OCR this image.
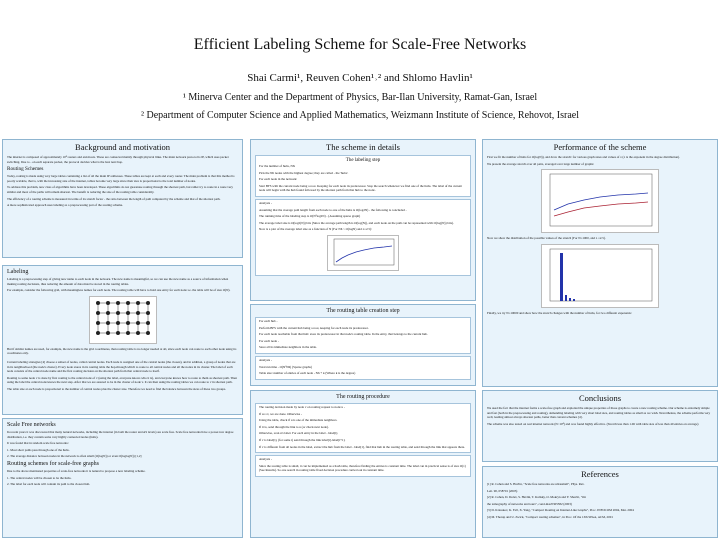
Efficient Labeling Scheme for Scale-Free Networks
Shai Carmi¹, Reuven Cohen¹˒² and Shlomo Havlin¹
¹ Minerva Center and the Department of Physics, Bar-Ilan University, Ramat-Gan, Israel
² Department of Computer Science and Applied Mathematics, Weizmann Institute of Science, Rehovot, Israel
Background and motivation
The internet is composed of approximately 10⁸ routers and end-hosts. These are connected mainly through physical links. The main network protocol is IP, which uses packet switching. Due to - on each separate packet, the protocol decides what is the best next hop.
Routing Schemes
Today, routing is made using very large tables containing a list of all the main IP addresses. These tables are kept at each and every router. The main problem is that this method is poorly scalable, that is, with the increasing size of the internet, tables become very large since their size is proportional to the total number of nodes.
To address this problem, new class of algorithms have been developed. These algorithms do not guarantee routing through the shortest path, but rather try to route in a route very similar and most of the paths will remain shortest. The benefit is reducing the size of the routing table considerably.
The efficiency of a routing scheme is measured in terms of its stretch factor - the ratio between the length of path computed by the scheme and that of the shortest path.
A more sophisticated approach uses labeling as a preprocessing part of the routing scheme.
Labeling
Labeling is a preprocessing step of giving new name to each node in the network. The new name is meaningful, so we can use the new name as a source of information when making routing decisions, thus reducing the amount of data must be stored in the routing tables.
For example, consider the following grid, with meaningless names for each node. The routing table will have to hold one entry for each node i.e. the table will be of size O(N).
But if similar names are used, for example, the new name is the grid coordinates, then routing table is no longer needed at all, since each node can route to each other node using its coordinates only.
Current labeling strategies [4] choose a subset of nodes, called central nodes. Each node is assigned one of the central nodes (the closest), and in addition, a group of nodes that are in its neighborhood (the node's cluster). Every node stores in its routing table the hop-through which to route to all central nodes and all the nodes in its cluster. The label of each node consists of the central node name and the first routing decision on the shortest path from that central node to itself.
Routing to some node v is done by first routing to the central node of v (using the label, everyone knows who it is), and everyone knows how to route to them as shortest path. Then using the label the central node knows the next step. After that we are assured to be in the cluster of node v. It can then using the routing tables we can route to v in shortest path.
The table size at each node is proportional to the number of central nodes plus the cluster size. Therefore we need to find the balance between the sizes of these two groups.
Scale Free networks
In recent years it was discovered that many natural networks, including the internet (in both the router and AS levels) are scale free. Scale free networks have a power-law degree distribution, i.e. they contain some very highly connected nodes (hubs).
It was found that in random scale free networks:
1. Most short paths pass through one of the hubs.
2. The average distance between nodes in the network is often small (O(logN)) or even O(loglogN)) [1,2]
Routing schemes for scale-free graphs
Due to the above mentioned properties of scale-free networks it is natural to propose a new labeling scheme.
1. The central nodes will be chosen to be the hubs.
2. The label for each node will contain its path to the closest hub.
The scheme in details
The labeling step
For the number of hubs, Nh:
Pick the Nh nodes with the highest degree; they are called - the 'hubs'.
For each node in the network:
Start BFS with the current node being a root. Keeping for each node its predecessor. Stop the search whenever we find one of the hubs. The label of the current node will begin with the hub found followed by the shortest path from that hub to the node.
Analysis -
Assuming that the average path length from each node to one of the hubs is O(log2N) - the following is concluded -
The running time of the labeling step is O(N²log2N) - (Assuming sparse graph)
The average label size is O(log2(N)) bits (Since the average path length is O(log(N)), and each node on the path can be represented with O(log(N)) bits).
Now is a plot of the average label size as a function of N (For Nh ~ O(logN) and λ=2.5):
The routing table creation step
For each hub -
Perform BFS with the current hub being a root, keeping for each node its predecessor.
For each node reachable from that hub: store its predecessor in that node's routing table. In the entry, that belongs to the current hub.
For each node -
Store all its immediate neighbors in the table.
Analysis -
Total run time - O(N²Nh) (Sparse graphs)
Table size: number of entries of each node - Nh + k (Where k is the degree)
The routing procedure
The routing decision made by node v on routing request to node u -
If u==v, we are done. Otherwise -
Using the table, check if u is one of the immediate neighbors.
If it is, send through the link to u (or check next node).
Otherwise, scan u's label. For each entry in the label - label[i].
If v is label[i], (for some i) send through the link label[i]-label[i+1].
If v is different from all nodes in the label, extract the hub from the label - label[1], find that hub in the routing table, and send through the link that appears there.
Analysis -
Since the routing table is small, it can be implemented as a hash table, therefore finding the entries is constant time. The label can in practical sense is of size O(1) (See Results). So one search in routing table fixed decision procedure carried out in constant time.
Performance of the scheme
First we fit the number of hubs for O(logN)), and draw the stretch: for various graph sizes and values of λ (λ is the exponent in the degree distribution).
We present the average stretch over all pairs, averaged over large number of graphs:
Now we show the distribution of the possible values of the stretch (For N=1000, and λ =2.5).
Finally, we try N=10000 and show how the stretch changes with the number of hubs, for two different exponents:
Conclusions
We used the fact that the internet forms a scale-free graph and exploited the unique properties of those graphs to create a new routing scheme. Our scheme is extremely simple and fast (both in the preprocessing and routing), demanding labeling with very short label size, and routing tables as small as we wish. Nevertheless, the scheme performs very well, leading almost always shortest paths, better than current schemes [4].
The scheme was also tested on real internet network (N~10⁴) and was found highly effective. (Stretch less than 1.06 with table size of less than 40 entries on average)
References
[1] R. Cohen and S. Havlin, "Scale free networks are ultrasmall", Phys. Rev.
Lett. 90, 058701 (2003)
[2] R. Cohen, D. Dolev, S. Havlin, T. Kalisky, O. Mokryn and Y. Shavitt, "On
the tomography of networks and tours", cond-mat/0305582 (2003)
[3] D. Krioukov, K. Fall, X. Yang, "Compact Routing on Internet-Like Graphs", Proc. INFOCOM 2004, Mar. 2004
[4] M. Thorup and U. Zwick, "Compact routing schemes", in Proc. Of the 13th SPAA, ACM, 2001
